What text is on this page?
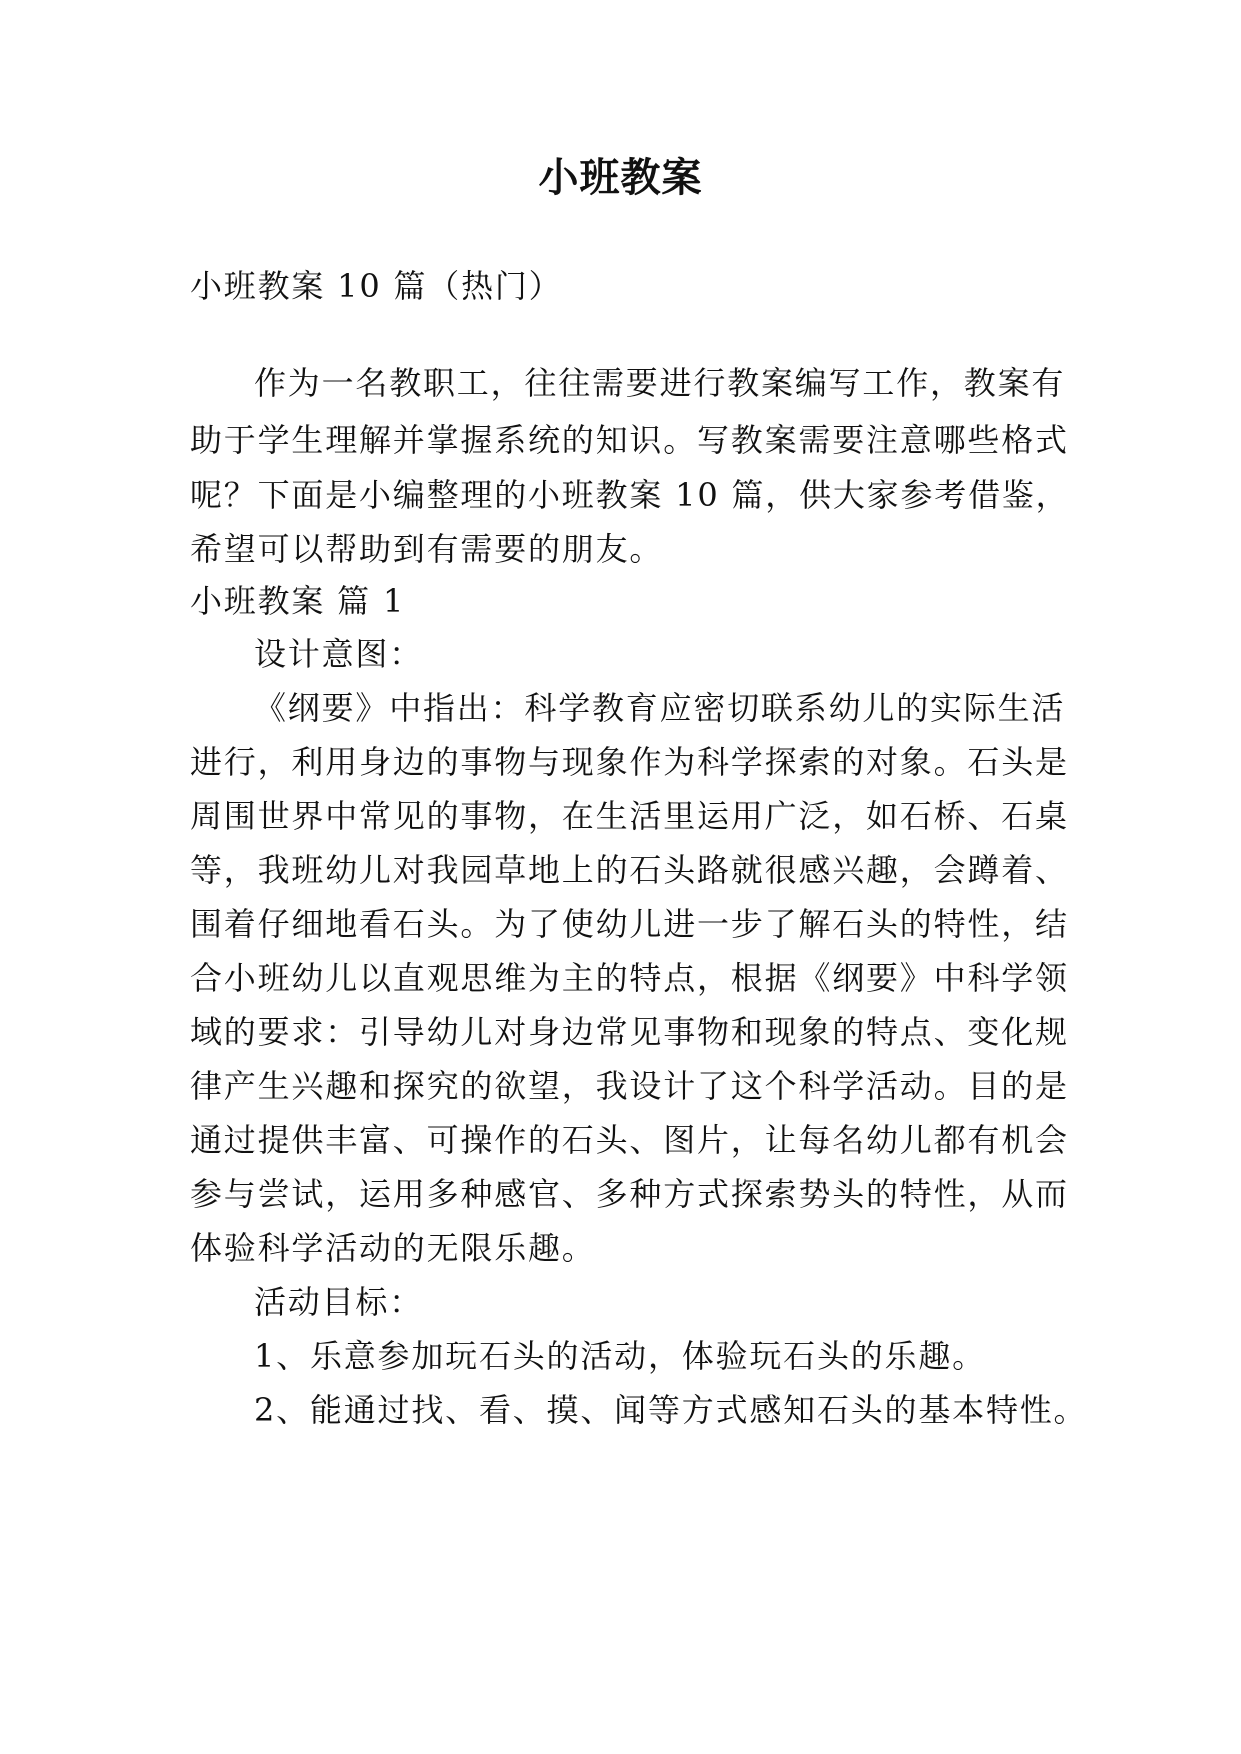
小班教案
小班教案 10 篇（热门）
作为一名教职工，往往需要进行教案编写工作，教案有
助于学生理解并掌握系统的知识。写教案需要注意哪些格式
呢？下面是小编整理的小班教案 10 篇，供大家参考借鉴，
希望可以帮助到有需要的朋友。
小班教案 篇 1
设计意图：
《纲要》中指出：科学教育应密切联系幼儿的实际生活
进行，利用身边的事物与现象作为科学探索的对象。石头是
周围世界中常见的事物，在生活里运用广泛，如石桥、石桌
等，我班幼儿对我园草地上的石头路就很感兴趣，会蹲着、
围着仔细地看石头。为了使幼儿进一步了解石头的特性，结
合小班幼儿以直观思维为主的特点，根据《纲要》中科学领
域的要求：引导幼儿对身边常见事物和现象的特点、变化规
律产生兴趣和探究的欲望，我设计了这个科学活动。目的是
通过提供丰富、可操作的石头、图片，让每名幼儿都有机会
参与尝试，运用多种感官、多种方式探索势头的特性，从而
体验科学活动的无限乐趣。
活动目标：
1、乐意参加玩石头的活动，体验玩石头的乐趣。
2、能通过找、看、摸、闻等方式感知石头的基本特性。
